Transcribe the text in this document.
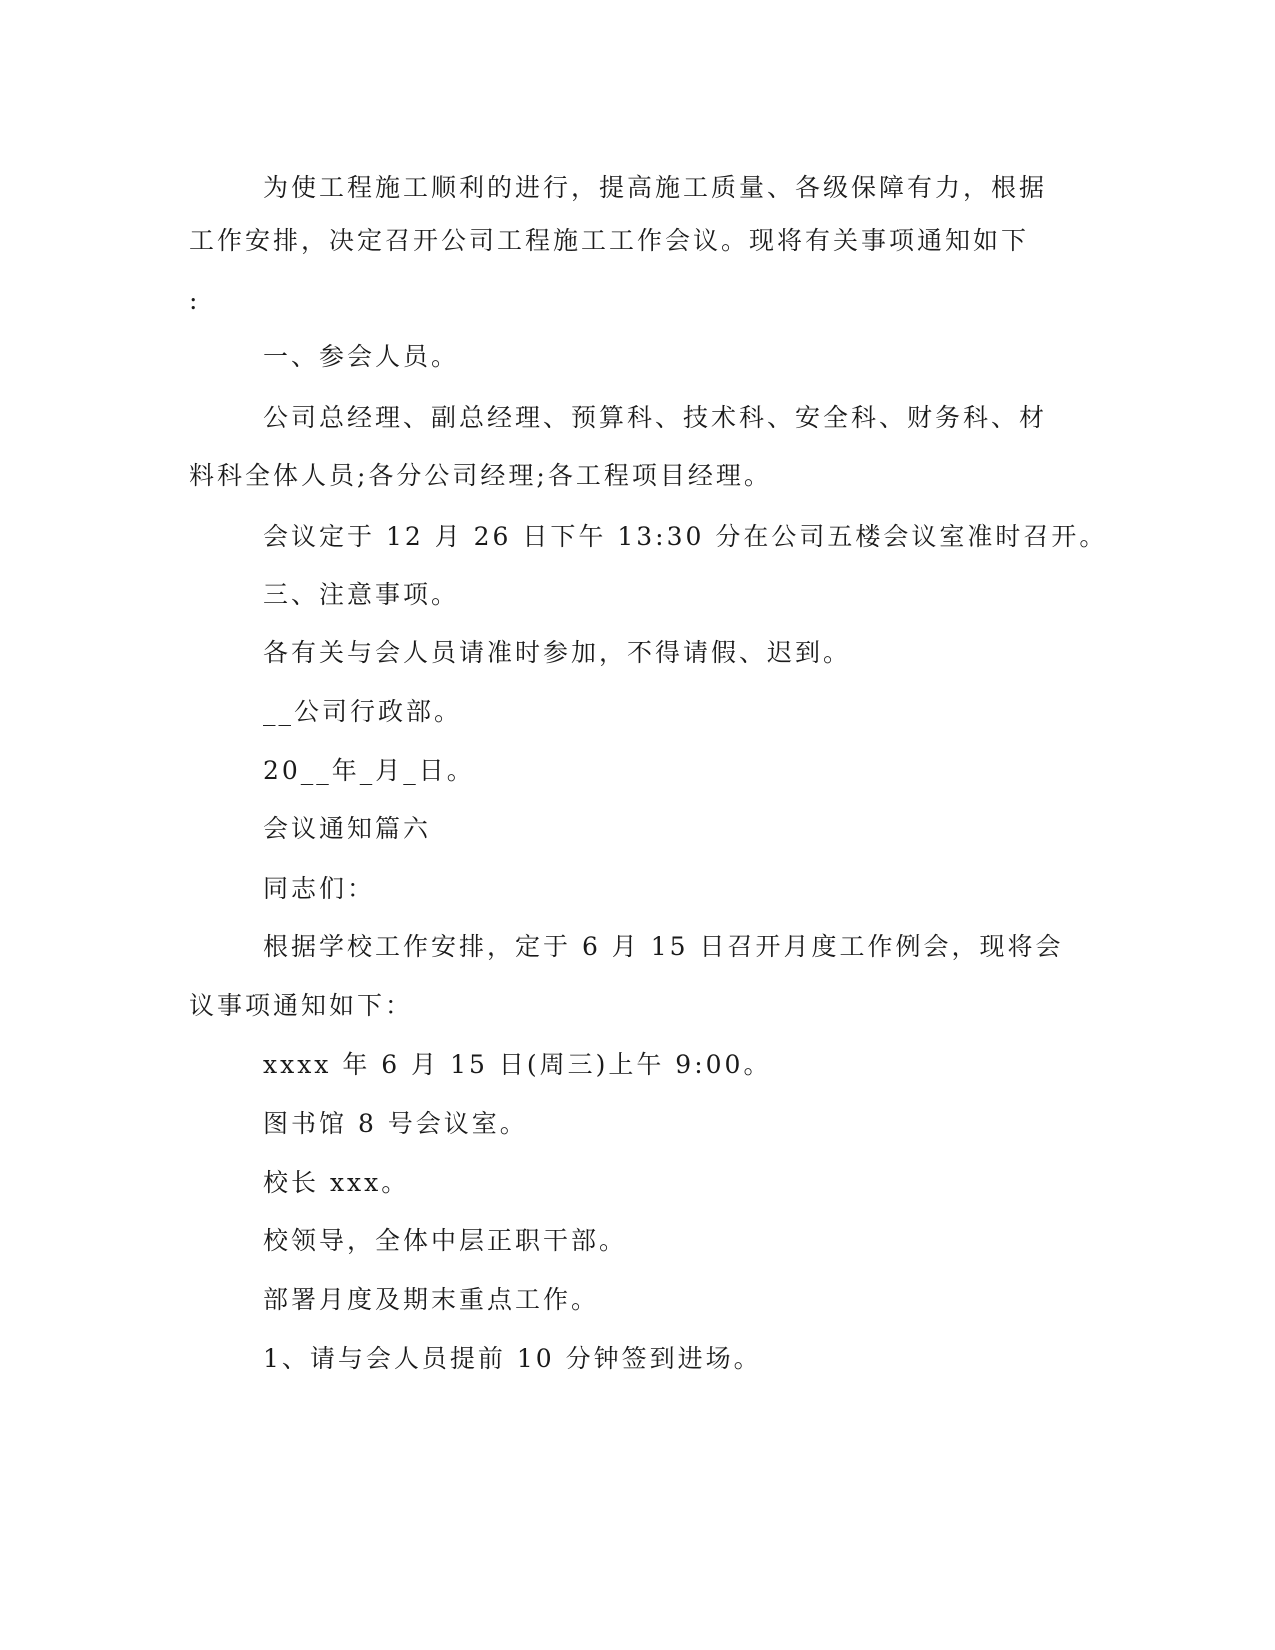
为使工程施工顺利的进行，提高施工质量、各级保障有力，根据

工作安排，决定召开公司工程施工工作会议。现将有关事项通知如下

:

一、参会人员。

公司总经理、副总经理、预算科、技术科、安全科、财务科、材

料科全体人员;各分公司经理;各工程项目经理。

会议定于 12 月 26 日下午 13:30 分在公司五楼会议室准时召开。

三、注意事项。

各有关与会人员请准时参加，不得请假、迟到。

__公司行政部。

20__年_月_日。

会议通知篇六

同志们：

根据学校工作安排，定于 6 月 15 日召开月度工作例会，现将会

议事项通知如下：

xxxx 年 6 月 15 日(周三)上午 9:00。

图书馆 8 号会议室。

校长 xxx。

校领导，全体中层正职干部。

部署月度及期末重点工作。

1、请与会人员提前 10 分钟签到进场。
